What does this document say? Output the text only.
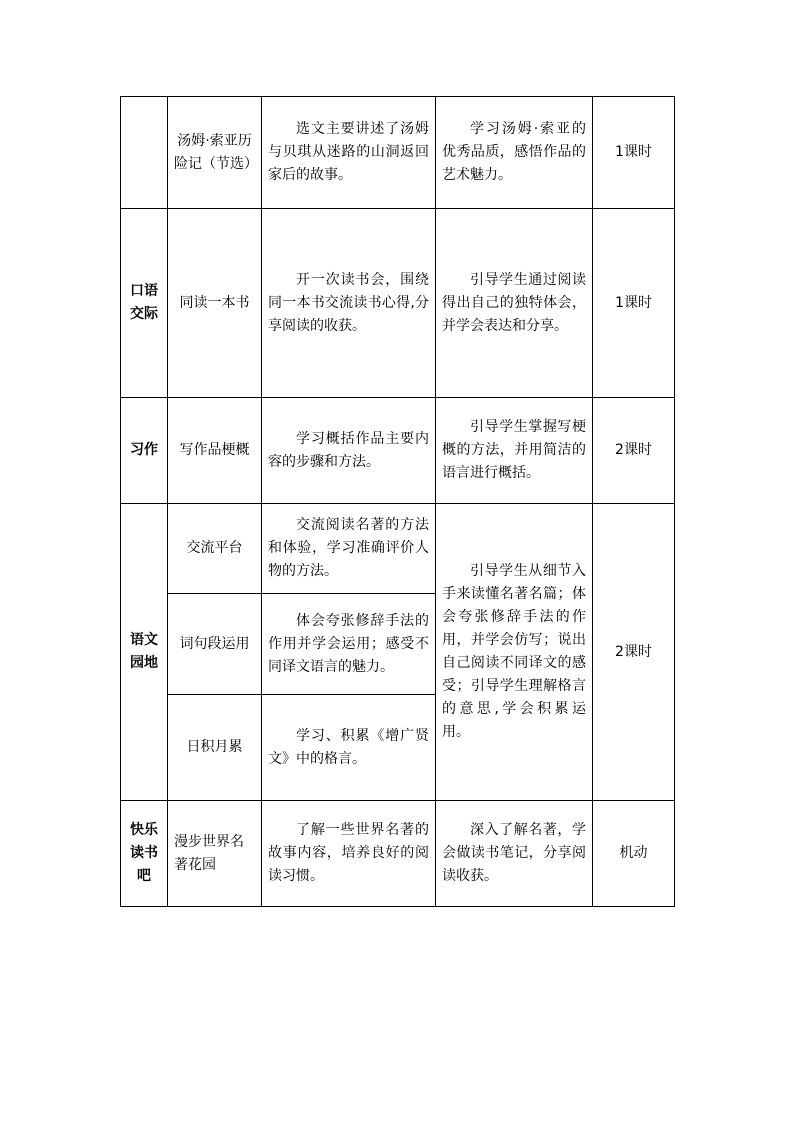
	汤姆·索亚历险记（节选）	选文主要讲述了汤姆与贝琪从迷路的山洞返回家后的故事。	学习汤姆·索亚的优秀品质，感悟作品的艺术魅力。	1课时
口语交际	同读一本书	开一次读书会，围绕同一本书交流读书心得,分享阅读的收获。	引导学生通过阅读得出自己的独特体会，并学会表达和分享。	1课时
习作	写作品梗概	学习概括作品主要内容的步骤和方法。	引导学生掌握写梗概的方法，并用简洁的语言进行概括。	2课时
语文园地	交流平台	交流阅读名著的方法和体验，学习准确评价人物的方法。	引导学生从细节入手来读懂名著名篇；体会夸张修辞手法的作用，并学会仿写；说出自己阅读不同译文的感受；引导学生理解格言的意思,学会积累运用。	2课时
	词句段运用	体会夸张修辞手法的作用并学会运用；感受不同译文语言的魅力。		
	日积月累	学习、积累《增广贤文》中的格言。		
快乐读书吧	漫步世界名著花园	了解一些世界名著的故事内容，培养良好的阅读习惯。	深入了解名著，学会做读书笔记，分享阅读收获。	机动
